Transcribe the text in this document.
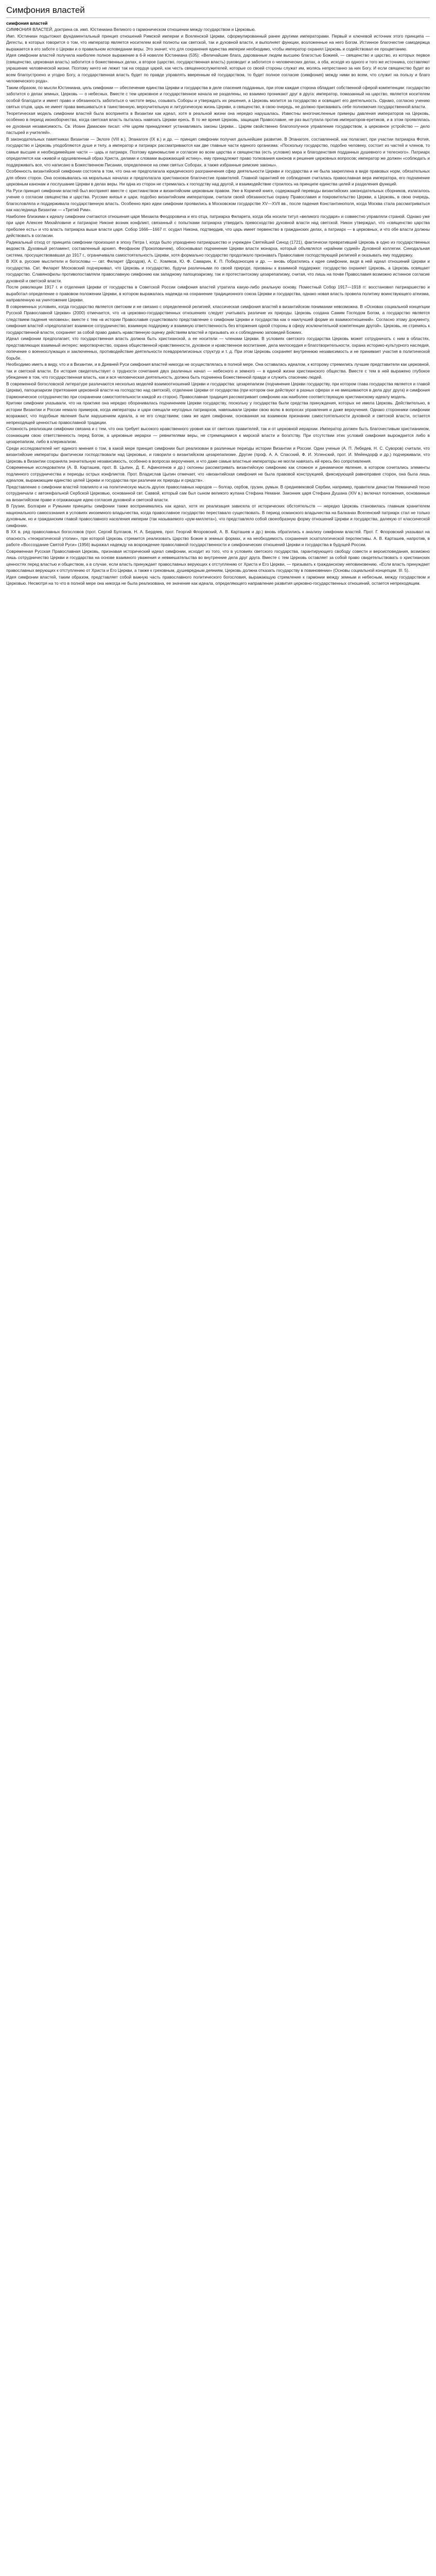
Симфония властей
симфония властей

СИМФОНИЯ ВЛАСТЕЙ, доктрина св. имп. Юстиниана Великого о гармоническом отношении между государством и Церковью.

Имп. Юстиниан подытожил фундаментальный принцип отношений Римской империи и Вселенской Церкви, сформулированный ранее другими императорами. Первый и ключевой источник этого принципа — Дигесты, в которых говорится о том, что император является носителем всей полноты как светской, так и духовной власти, и выполняет функции, возложенные на него Богом. Истинное благочестие самодержца выражается в его заботе о Церкви и о правильном исповедании веры. Это значит, что для сохранения единства империи необходимо, чтобы император охранял Церковь и содействовал ее процветанию.

Идея симфонии властей получила наиболее полное выражение в 6-й новелле Юстиниана (535): «Величайшие блага, дарованные людям высшею благостью Божией, — священство и царство, из которых первое (священство, церковная власть) заботится о божественных делах, а второе (царство, государственная власть) руководит и заботится о человеческих делах, а оба, исходя из одного и того же источника, составляют украшение человеческой жизни. Поэтому ничто не лежит так на сердце царей, как честь священнослужителей, которые со своей стороны служат им, молясь непрестанно за них Богу. И если священство будет во всем благоустроено и угодно Богу, а государственная власть будет по правде управлять вверенным ей государством, то будет полное согласие (симфония) между ними во всем, что служит на пользу и благо человеческого рода».

Таким образом, по мысли Юстиниана, цель симфонии — обеспечение единства Церкви и государства в деле спасения подданных, при этом каждая сторона обладает собственной сферой компетенции: государство заботится о делах земных, Церковь — о небесных. Вместе с тем церковное и государственное начала не разделены, но взаимно проникают друг в друга: император, помазанный на царство, является носителем особой благодати и имеет право и обязанность заботиться о чистоте веры, созывать Соборы и утверждать их решения, а Церковь молится за государство и освящает его деятельность. Однако, согласно учению святых отцов, царь не имеет права вмешиваться в таинственную, вероучительную и литургическую жизнь Церкви, а священство, в свою очередь, не должно присваивать себе полномочия государственной власти.

Теоретическая модель симфонии властей была воспринята в Византии как идеал, хотя в реальной жизни она нередко нарушалась. Известны многочисленные примеры давления императоров на Церковь, особенно в период иконоборчества, когда светская власть пыталась навязать Церкви ересь. В то же время Церковь, защищая Православие, не раз выступала против императоров-еретиков, и в этом проявлялась ее духовная независимость. Св. Иоанн Дамаскин писал: «Не царям принадлежит устанавливать законы Церкви... Царям свойственно благополучное управление государством, а церковное устройство — дело пастырей и учителей».

В законодательных памятниках Византии — Эклоге (VIII в.), Эпанагоге (IX в.) и др. — принцип симфонии получил дальнейшее развитие. В Эпанагоге, составленной, как полагают, при участии патриарха Фотия, государство и Церковь уподобляются душе и телу, а император и патриарх рассматриваются как две главные части единого организма: «Поскольку государство, подобно человеку, состоит из частей и членов, то самые высшие и необходимейшие части — царь и патриарх. Поэтому единомыслие и согласие во всем царства и священства (есть условие) мира и благоденствия подданных душевного и телесного». Патриарх определяется как «живой и одушевленный образ Христа, делами и словами выражающий истину», ему принадлежит право толкования канонов и решение церковных вопросов; император же должен «соблюдать и поддерживать все, что написано в Божественном Писании, определенное на семи святых Соборах, а также избранные римские законы».

Особенность византийской симфонии состояла в том, что она не предполагала юридического разграничения сфер деятельности Церкви и государства и не была закреплена в виде правовых норм, обязательных для обеих сторон. Она основывалась на моральных началах и предполагала христианское благочестие правителей. Главной гарантией ее соблюдения считалась православная вера императора, его подчинение церковным канонам и послушание Церкви в делах веры. Ни одна из сторон не стремилась к господству над другой, и взаимодействие строилось на принципе единства целей и разделения функций.

На Руси принцип симфонии властей был воспринят вместе с христианством и византийским церковным правом. Уже в Кормчей книге, содержащей переводы византийских законодательных сборников, излагалось учение о согласии священства и царства. Русские князья и цари, подобно византийским императорам, считали своей обязанностью охрану Православия и покровительство Церкви, а Церковь, в свою очередь, благословляла и поддерживала государственную власть. Особенно ярко идеи симфонии проявились в Московском государстве XV—XVII вв., после падения Константинополя, когда Москва стала рассматриваться как наследница Византии — «Третий Рим».

Наиболее близкими к идеалу симфонии считаются отношения царя Михаила Феодоровича и его отца, патриарха Филарета, когда оба носили титул «великого государя» и совместно управляли страной. Однако уже при царе Алексее Михайловиче и патриархе Никоне возник конфликт, связанный с попытками патриарха утвердить превосходство духовной власти над светской. Никон утверждал, что «священство царства преболее есть» и что власть патриарха выше власти царя. Собор 1666—1667 гг. осудил Никона, подтвердив, что царь имеет первенство в гражданских делах, а патриарх — в церковных, и что обе власти должны действовать в согласии.

Радикальный отход от принципа симфонии произошел в эпоху Петра I, когда было упразднено патриаршество и учрежден Святейший Синод (1721), фактически превративший Церковь в одно из государственных ведомств. Духовный регламент, составленный архиеп. Феофаном (Прокоповичем), обосновывал подчинение Церкви власти монарха, который объявлялся «крайним судией» Духовной коллегии. Синодальная система, просуществовавшая до 1917 г., ограничивала самостоятельность Церкви, хотя формально государство продолжало признавать Православие господствующей религией и оказывать ему поддержку.

В XIX в. русские мыслители и богословы — свт. Филарет (Дроздов), А. С. Хомяков, Ю. Ф. Самарин, К. П. Победоносцев и др. — вновь обратились к идее симфонии, видя в ней идеал отношений Церкви и государства. Свт. Филарет Московский подчеркивал, что Церковь и государство, будучи различными по своей природе, призваны к взаимной поддержке: государство охраняет Церковь, а Церковь освящает государство. Славянофилы противопоставляли православную симфонию как западному папоцезаризму, так и протестантскому цезарепапизму, считая, что лишь на почве Православия возможно истинное согласие духовной и светской власти.

После революции 1917 г. и отделения Церкви от государства в Советской России симфония властей утратила какую-либо реальную основу. Поместный Собор 1917—1918 гг. восстановил патриаршество и выработал определение о правовом положении Церкви, в котором выражалась надежда на сохранение традиционного союза Церкви и государства, однако новая власть провела политику воинствующего атеизма, направленную на уничтожение Церкви.

В современных условиях, когда государство является светским и не связано с определенной религией, классическая симфония властей в византийском понимании невозможна. В «Основах социальной концепции Русской Православной Церкви» (2000) отмечается, что «в церковно-государственных отношениях следует учитывать различие их природы. Церковь создана Самим Господом Богом, а государство является следствием падения человека»; вместе с тем «в истории Православия существовало представление о симфонии Церкви и государства как о наилучшей форме их взаимоотношений». Согласно этому документу, симфония властей «предполагает взаимное сотрудничество, взаимную поддержку и взаимную ответственность без вторжения одной стороны в сферу исключительной компетенции другой». Церковь, не стремясь к государственной власти, сохраняет за собой право давать нравственную оценку действиям властей и призывать их к соблюдению заповедей Божиих.

Идеал симфонии предполагает, что государственная власть должна быть христианской, а ее носители — членами Церкви. В условиях светского государства Церковь может сотрудничать с ним в областях, представляющих взаимный интерес: миротворчество, охрана общественной нравственности, духовное и нравственное воспитание, дела милосердия и благотворительности, охрана историко-культурного наследия, попечение о военнослужащих и заключенных, противодействие деятельности псевдорелигиозных структур и т. д. При этом Церковь сохраняет внутреннюю независимость и не принимает участия в политической борьбе.

Необходимо иметь в виду, что и в Византии, и в Древней Руси симфония властей никогда не осуществлялась в полной мере. Она оставалась идеалом, к которому стремились лучшие представители как церковной, так и светской власти. Ее история свидетельствует о трудности сочетания двух различных начал — небесного и земного — в единой жизни христианского общества. Вместе с тем в ней выражено глубокое убеждение в том, что государственная власть, как и вся человеческая деятельность, должна быть подчинена Божественной правде и служить спасению людей.

В современной богословской литературе различаются несколько моделей взаимоотношений Церкви и государства: цезарепапизм (подчинение Церкви государству, при котором глава государства является и главой Церкви), папоцезаризм (притязания церковной власти на господство над светской), отделение Церкви от государства (при котором они действуют в разных сферах и не вмешиваются в дела друг друга) и симфония (гармоническое сотрудничество при сохранении самостоятельности каждой из сторон). Православная традиция рассматривает симфонию как наиболее соответствующую христианскому идеалу модель.

Критики симфонии указывали, что на практике она нередко оборачивалась подчинением Церкви государству, поскольку у государства были средства принуждения, которых не имела Церковь. Действительно, в истории Византии и России немало примеров, когда императоры и цари смещали неугодных патриархов, навязывали Церкви свою волю в вопросах управления и даже вероучения. Однако сторонники симфонии возражают, что подобные явления были нарушением идеала, а не его следствием; сама же идея симфонии, основанная на взаимном признании самостоятельности духовной и светской власти, остается непреходящей ценностью православной традиции.

Сложность реализации симфонии связана и с тем, что она требует высокого нравственного уровня как от светских правителей, так и от церковной иерархии. Император должен быть благочестивым христианином, сознающим свою ответственность перед Богом, а церковные иерархи — ревнителями веры, не стремящимися к мирской власти и богатству. При отсутствии этих условий симфония вырождается либо в цезарепапизм, либо в клерикализм.

Среди исследователей нет единого мнения о том, в какой мере принцип симфонии был реализован в различные периоды истории Византии и России. Одни ученые (А. П. Лебедев, Н. С. Суворов) считали, что византийские императоры фактически господствовали над Церковью, и говорили о византийском цезарепапизме. Другие (проф. А. А. Спасский, Ф. И. Успенский, прот. И. Мейендорф и др.) подчеркивали, что Церковь в Византии сохраняла значительную независимость, особенно в вопросах вероучения, и что даже самые властные императоры не могли навязать ей ересь без сопротивления.

Современные исследователи (А. В. Карташев, прот. В. Цыпин, Д. Е. Афиногенов и др.) склонны рассматривать византийскую симфонию как сложное и динамичное явление, в котором сочетались элементы подлинного сотрудничества и периоды острых конфликтов. Прот. Владислав Цыпин отмечает, что «византийская симфония не была правовой конструкцией, фиксирующей равноправие сторон, она была лишь идеалом, выражающим единство целей Церкви и государства при различии их природы и средств».

Представление о симфонии властей повлияло и на политическую мысль других православных народов — болгар, сербов, грузин, румын. В средневековой Сербии, например, правители династии Неманичей тесно сотрудничали с автокефальной Сербской Церковью, основанной свт. Саввой, который сам был сыном великого жупана Стефана Немани. Законник царя Стефана Душана (XIV в.) включал положения, основанные на византийском праве и отражающие идею согласия духовной и светской власти.

В Грузии, Болгарии и Румынии принципы симфонии также воспринимались как идеал, хотя их реализация зависела от исторических обстоятельств — нередко Церковь становилась главным хранителем национального самосознания в условиях иноземного владычества, когда православное государство переставало существовать. В период османского владычества на Балканах Вселенский патриарх стал не только духовным, но и гражданским главой православного населения империи (так называемого «рум-миллета»), что представляло собой своеобразную форму отношений Церкви и государства, далекую от классической симфонии.

В XX в. ряд православных богословов (прот. Сергий Булгаков, Н. А. Бердяев, прот. Георгий Флоровский, А. В. Карташев и др.) вновь обратились к анализу симфонии властей. Прот. Г. Флоровский указывал на опасность «теократической утопии», при которой Церковь стремится реализовать Царство Божие в земных формах, и на необходимость сохранения эсхатологической перспективы. А. В. Карташев, напротив, в работе «Воссоздание Святой Руси» (1956) выражал надежду на возрождение православной государственности и симфонических отношений Церкви и государства в будущей России.

Современная Русская Православная Церковь, признавая исторический идеал симфонии, исходит из того, что в условиях светского государства, гарантирующего свободу совести и вероисповедания, возможно лишь сотрудничество Церкви и государства на основе взаимного уважения и невмешательства во внутренние дела друг друга. Вместе с тем Церковь оставляет за собой право свидетельствовать о христианских ценностях перед властью и обществом, а в случае, если власть принуждает православных верующих к отступлению от Христа и Его Церкви, — призывать к гражданскому неповиновению. «Если власть принуждает православных верующих к отступлению от Христа и Его Церкви, а также к греховным, душевредным деяниям, Церковь должна отказать государству в повиновении» (Основы социальной концепции. III. 5).

Идея симфонии властей, таким образом, представляет собой важную часть православного политического богословия, выражающую стремление к гармонии между земным и небесным, между государством и Церковью. Несмотря на то что в полной мере она никогда не была реализована, ее значение как идеала, определяющего направление развития церковно-государственных отношений, остается непреходящим.
